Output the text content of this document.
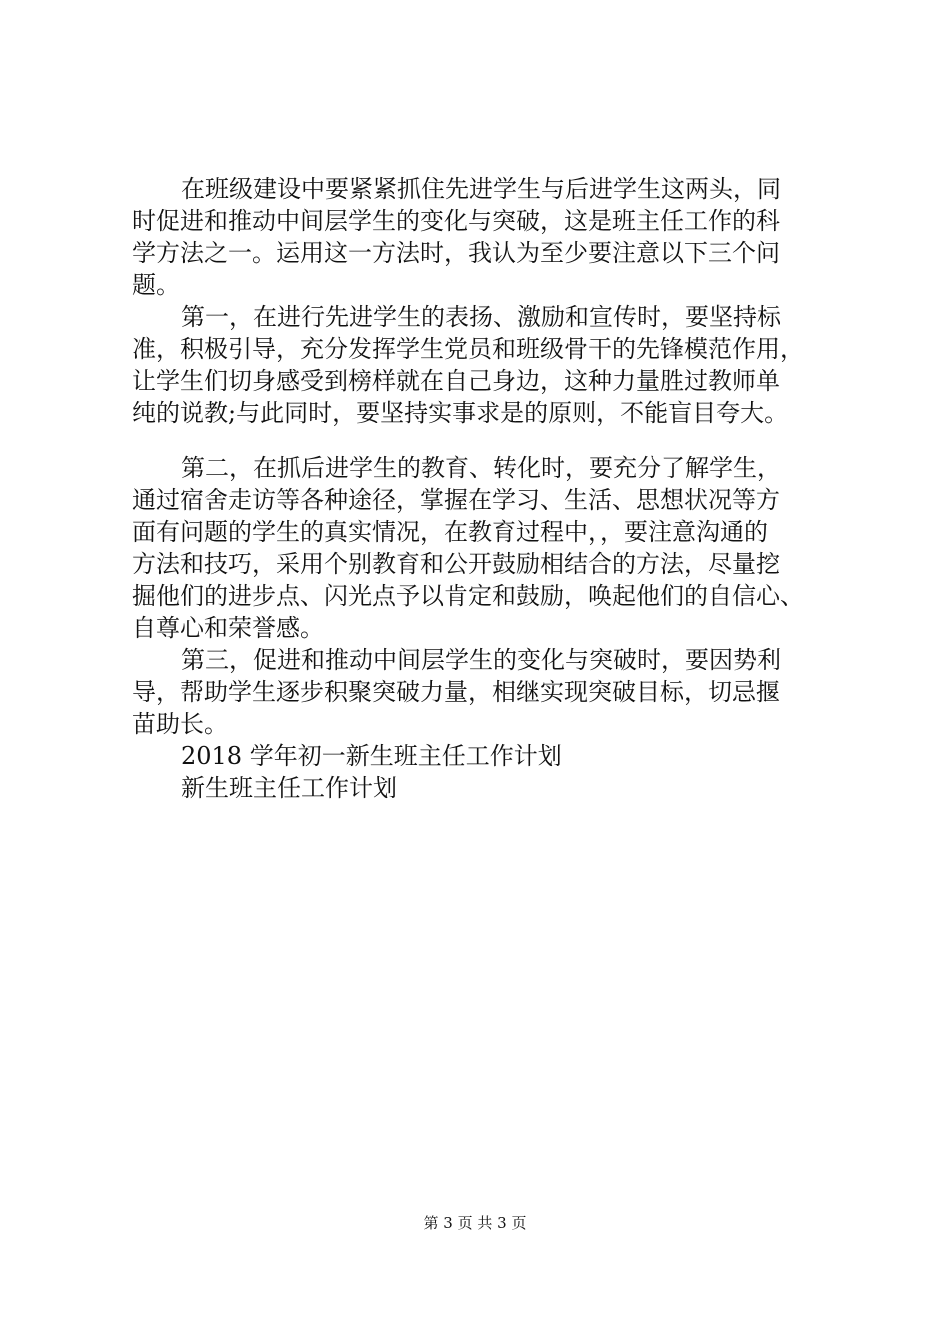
在班级建设中要紧紧抓住先进学生与后进学生这两头，同
时促进和推动中间层学生的变化与突破，这是班主任工作的科
学方法之一。运用这一方法时，我认为至少要注意以下三个问
题。
第一，在进行先进学生的表扬、激励和宣传时，要坚持标
准，积极引导，充分发挥学生党员和班级骨干的先锋模范作用，
让学生们切身感受到榜样就在自己身边，这种力量胜过教师单
纯的说教;与此同时，要坚持实事求是的原则，不能盲目夸大。
第二，在抓后进学生的教育、转化时，要充分了解学生，
通过宿舍走访等各种途径，掌握在学习、生活、思想状况等方
面有问题的学生的真实情况，在教育过程中，，要注意沟通的
方法和技巧，采用个别教育和公开鼓励相结合的方法，尽量挖
掘他们的进步点、闪光点予以肯定和鼓励，唤起他们的自信心、
自尊心和荣誉感。
第三，促进和推动中间层学生的变化与突破时，要因势利
导，帮助学生逐步积聚突破力量，相继实现突破目标，切忌揠
苗助长。
2018 学年初一新生班主任工作计划
新生班主任工作计划
第 3 页 共 3 页
